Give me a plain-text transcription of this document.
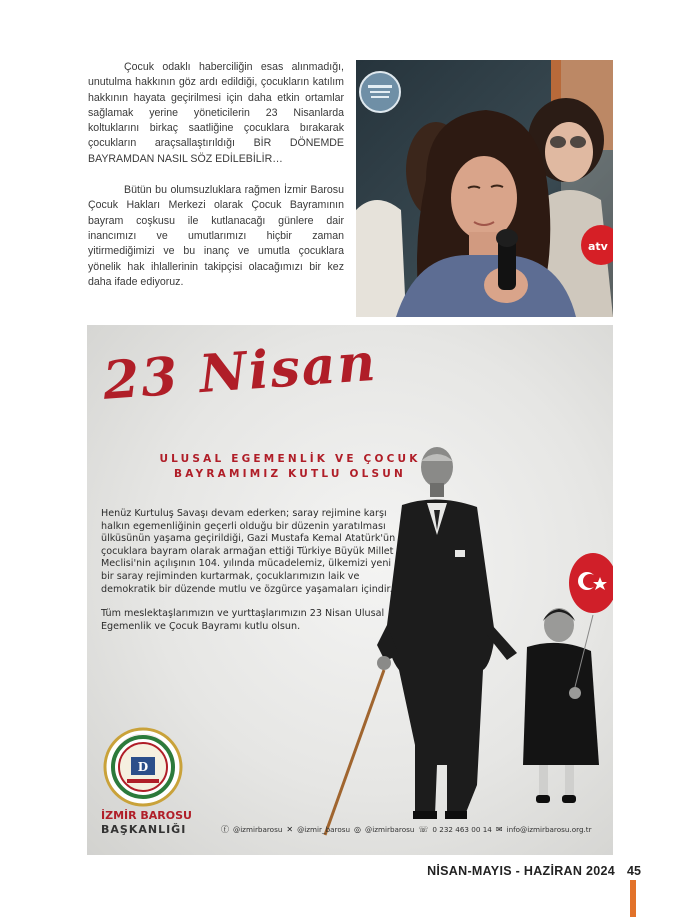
Çocuk odaklı haberciliğin esas alınmadığı, unutulma hakkının göz ardı edildiği, çocukların katılım hakkının hayata geçirilmesi için daha etkin ortamlar sağlamak yerine yöneticilerin 23 Nisanlarda koltuklarını birkaç saatliğine çocuklara bırakarak çocukların araçsallaştırıldığı BİR DÖNEMDE BAYRAMDAN NASIL SÖZ EDİLEBİLİR…

Bütün bu olumsuzluklara rağmen İzmir Barosu Çocuk Hakları Merkezi olarak Çocuk Bayramının bayram coşkusu ile kutlanacağı günlere dair inancımızı ve umutlarımızı hiçbir zaman yitirmediğimizi ve bu inanç ve umutla çocuklara yönelik hak ihlallerinin takipçisi olacağımızı bir kez daha ifade ediyoruz.

atv
23 Nisan
ULUSAL EGEMENLİK VE ÇOCUK
BAYRAMIMIZ KUTLU OLSUN

Henüz Kurtuluş Savaşı devam ederken; saray rejimine karşı halkın egemenliğinin geçerli olduğu bir düzenin yaratılması ülküsünün yaşama geçirildiği, Gazi Mustafa Kemal Atatürk'ün çocuklara bayram olarak armağan ettiği Türkiye Büyük Millet Meclisi'nin açılışının 104. yılında mücadelemiz, ülkemizi yeni bir saray rejiminden kurtarmak, çocuklarımızın laik ve demokratik bir düzende mutlu ve özgürce yaşamaları içindir.

Tüm meslektaşlarımızın ve yurttaşlarımızın 23 Nisan Ulusal Egemenlik ve Çocuk Bayramı kutlu olsun.

D
İZMİR BAROSU
BAŞKANLIĞI	ⓕ @izmirbarosu ✕ @izmir_barosu ◎ @izmirbarosu ☏ 0 232 463 00 14 ✉ info@izmirbarosu.org.tr
NİSAN-MAYIS - HAZİRAN 2024 45
